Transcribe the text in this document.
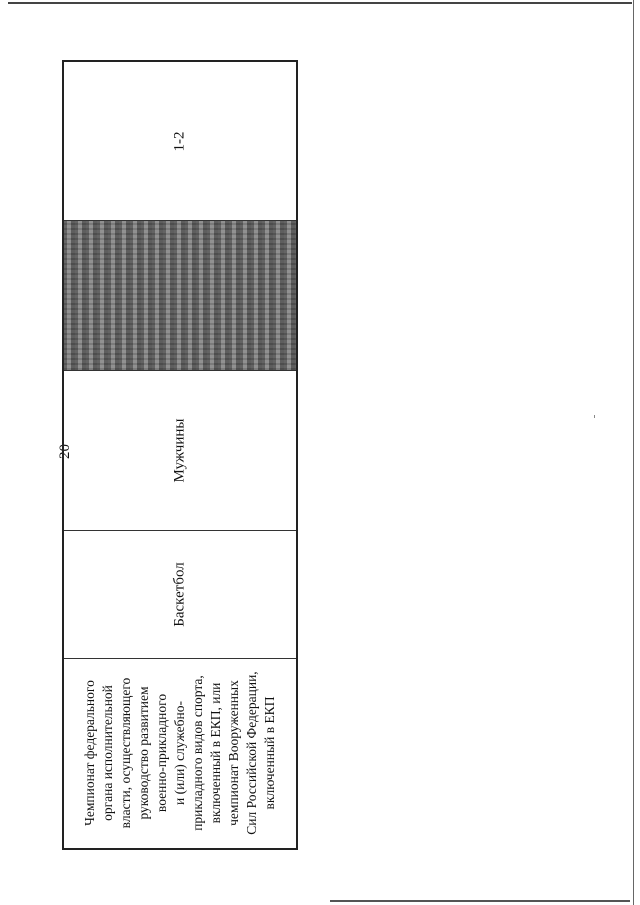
20
Чемпионат федерального органа исполнительной власти, осуществляющего руководство развитием военно-прикладного и (или) служебно- прикладного видов спорта, включенный в ЕКП, или чемпионат Вооруженных Сил Российской Федерации, включенный в ЕКП
Баскетбол
Мужчины
1-2
